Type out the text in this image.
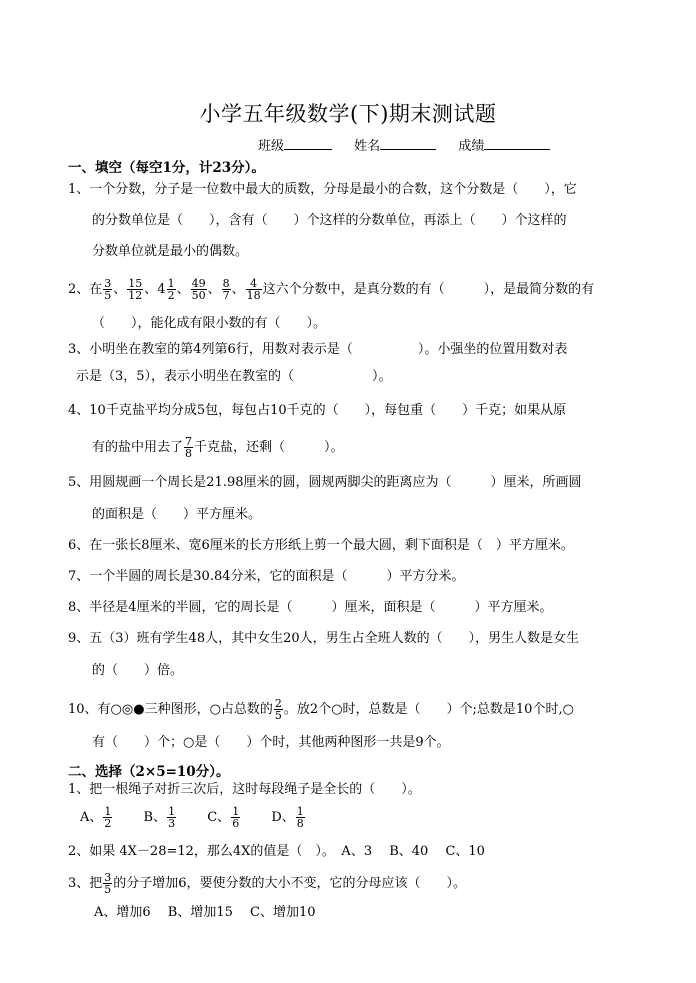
小学五年级数学(下)期末测试题
班级	姓名	成绩
一、填空（每空1分，计23分）。
1、一个分数，分子是一位数中最大的质数，分母是最小的合数，这个分数是（　　），它
的分数单位是（　　），含有（　　）个这样的分数单位，再添上（　　）个这样的
分数单位就是最小的偶数。
2、在 $\frac{3}{5}$ 、 $\frac{15}{12}$ 、$4 \frac{1}{2}$ 、 $\frac{49}{50}$ 、 $\frac{8}{7}$ 、 $\frac{4}{18}$ 这六个分数中，是真分数的有（　　　），是最简分数的有
（　　），能化成有限小数的有（　　）。
3、小明坐在教室的第4列第6行，用数对表示是（　　　　　）。小强坐的位置用数对表
示是（3，5），表示小明坐在教室的（　　　　　　）。
4、10千克盐平均分成5包，每包占10千克的（　　），每包重（　　）千克；如果从原
有的盐中用去了 $\frac{7}{8}$ 千克盐，还剩（　　　）。
5、用圆规画一个周长是21.98厘米的圆，圆规两脚尖的距离应为（　　　）厘米，所画圆
的面积是（　　）平方厘米。
6、在一张长8厘米、宽6厘米的长方形纸上剪一个最大圆，剩下面积是（　）平方厘米。
7、一个半圆的周长是30.84分米，它的面积是（　　　）平方分米。
8、半径是4厘米的半圆，它的周长是（　　　）厘米，面积是（　　　）平方厘米。
9、五（3）班有学生48人，其中女生20人，男生占全班人数的（　　），男生人数是女生
的（　　）倍。
10、有○◎●三种图形，○占总数的 $\frac{2}{5}$ 。放2个○时，总数是（　　）个;总数是10个时,○
有（　　）个；○是（　　）个时，其他两种图形一共是9个。
二、选择（2×5=10分）。
1、把一根绳子对折三次后，这时每段绳子是全长的（　　）。
A、 $\frac{1}{2}$ B、 $\frac{1}{3}$ C、 $\frac{1}{6}$ D、 $\frac{1}{8}$
2、如果 4X－28=12，那么4X的值是（　）。　A、3　 B、40　 C、10
3、把 $\frac{3}{5}$ 的分子增加6，要使分数的大小不变，它的分母应该（　　）。
A、增加6　 B、增加15　 C、增加10
